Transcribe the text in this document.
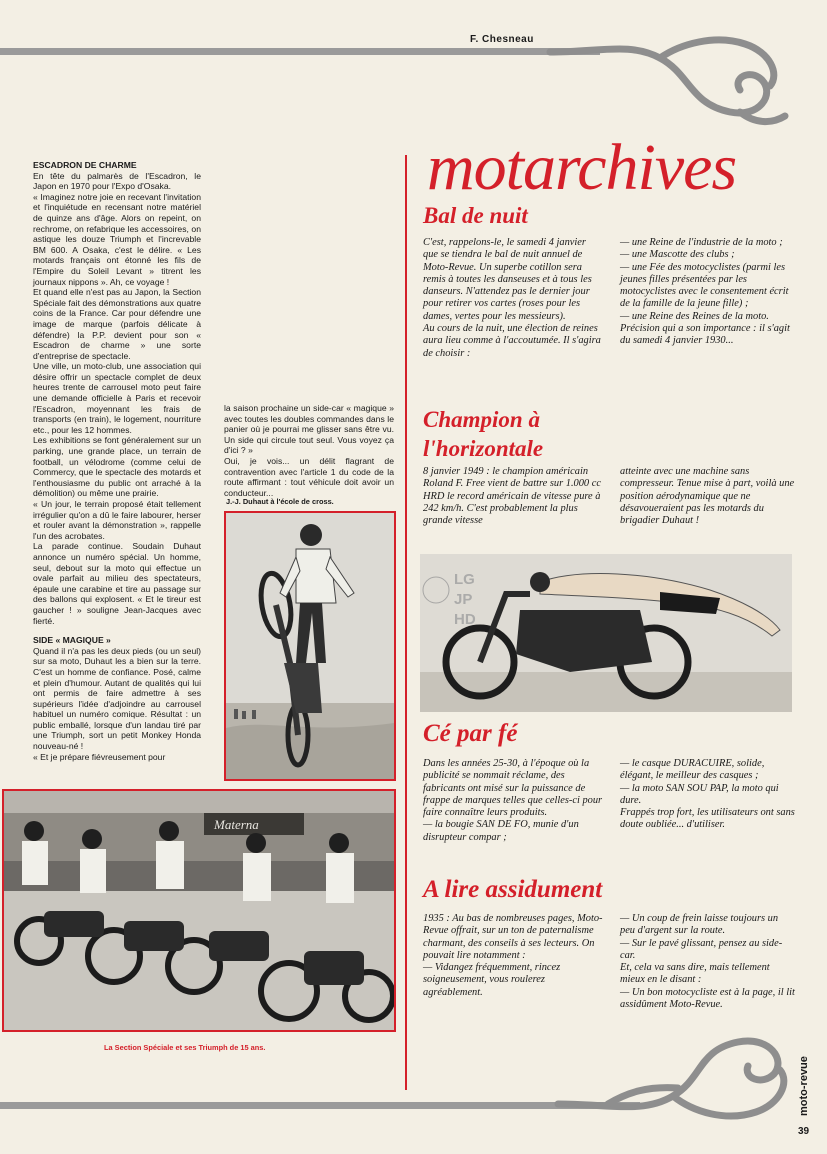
F. Chesneau

ESCADRON DE CHARME

En tête du palmarès de l'Escadron, le Japon en 1970 pour l'Expo d'Osaka.

« Imaginez notre joie en recevant l'invitation et l'inquiétude en recensant notre matériel de quinze ans d'âge. Alors on repeint, on rechrome, on refabrique les accessoires, on astique les douze Triumph et l'increvable BM 600. A Osaka, c'est le délire. « Les motards français ont étonné les fils de l'Empire du Soleil Levant » titrent les journaux nippons ». Ah, ce voyage !

Et quand elle n'est pas au Japon, la Section Spéciale fait des démonstrations aux quatre coins de la France. Car pour défendre une image de marque (parfois délicate à défendre) la P.P. devient pour son « Escadron de charme » une sorte d'entreprise de spectacle.

Une ville, un moto-club, une association qui désire offrir un spectacle complet de deux heures trente de carrousel moto peut faire une demande officielle à Paris et recevoir l'Escadron, moyennant les frais de transports (en train), le logement, nourriture etc., pour les 12 hommes.

Les exhibitions se font généralement sur un parking, une grande place, un terrain de football, un vélodrome (comme celui de Commercy, que le spectacle des motards et l'enthousiasme du public ont arraché à la démolition) ou même une prairie.

« Un jour, le terrain proposé était tellement irrégulier qu'on a dû le faire labourer, herser et rouler avant la démonstration », rappelle l'un des acrobates.

La parade continue. Soudain Duhaut annonce un numéro spécial. Un homme, seul, debout sur la moto qui effectue un ovale parfait au milieu des spectateurs, épaule une carabine et tire au passage sur des ballons qui explosent. « Et le tireur est gaucher ! » souligne Jean-Jacques avec fierté.

SIDE « MAGIQUE »

Quand il n'a pas les deux pieds (ou un seul) sur sa moto, Duhaut les a bien sur la terre. C'est un homme de confiance. Posé, calme et plein d'humour. Autant de qualités qui lui ont permis de faire admettre à ses supérieurs l'idée d'adjoindre au carrousel habituel un numéro comique. Résultat : un public emballé, lorsque d'un landau tiré par une Triumph, sort un petit Monkey Honda nouveau-né !

« Et je prépare fiévreusement pour

la saison prochaine un side-car « magique » avec toutes les doubles commandes dans le panier où je pourrai me glisser sans être vu. Un side qui circule tout seul. Vous voyez ça d'ici ? »

Oui, je vois... un délit flagrant de contravention avec l'article 1 du code de la route affirmant : tout véhicule doit avoir un conducteur...

J.-J. Duhaut à l'école de cross.
Materna
La Section Spéciale et ses Triumph de 15 ans.
motarchives
Bal de nuit

C'est, rappelons-le, le samedi 4 janvier que se tiendra le bal de nuit annuel de Moto-Revue. Un superbe cotillon sera remis à toutes les danseuses et à tous les danseurs. N'attendez pas le dernier jour pour retirer vos cartes (roses pour les dames, vertes pour les messieurs).

Au cours de la nuit, une élection de reines aura lieu comme à l'accoutumée. Il s'agira de choisir :

— une Reine de l'industrie de la moto ;

— une Mascotte des clubs ;

— une Fée des motocyclistes (parmi les jeunes filles présentées par les motocyclistes avec le consentement écrit de la famille de la jeune fille) ;

— une Reine des Reines de la moto.

Précision qui a son importance : il s'agit du samedi 4 janvier 1930...

Champion à l'horizontale

8 janvier 1949 : le champion américain Roland F. Free vient de battre sur 1.000 cc HRD le record américain de vitesse pure à 242 km/h. C'est probablement la plus grande vitesse

atteinte avec une machine sans compresseur. Tenue mise à part, voilà une position aérodynamique que ne désavoueraient pas les motards du brigadier Duhaut !

LG
JP
HD
Cé par fé

Dans les années 25-30, à l'époque où la publicité se nommait réclame, des fabricants ont misé sur la puissance de frappe de marques telles que celles-ci pour faire connaître leurs produits.

— la bougie SAN DE FO, munie d'un disrupteur compar ;

— le casque DURACUIRE, solide, élégant, le meilleur des casques ;

— la moto SAN SOU PAP, la moto qui dure.

Frappés trop fort, les utilisateurs ont sans doute oubliée... d'utiliser.

A lire assidument

1935 : Au bas de nombreuses pages, Moto-Revue offrait, sur un ton de paternalisme charmant, des conseils à ses lecteurs. On pouvait lire notamment :

— Vidangez fréquemment, rincez soigneusement, vous roulerez agréablement.

— Un coup de frein laisse toujours un peu d'argent sur la route.

— Sur le pavé glissant, pensez au side-car.

Et, cela va sans dire, mais tellement mieux en le disant :

— Un bon motocycliste est à la page, il lit assidûment Moto-Revue.

moto-revue
39
